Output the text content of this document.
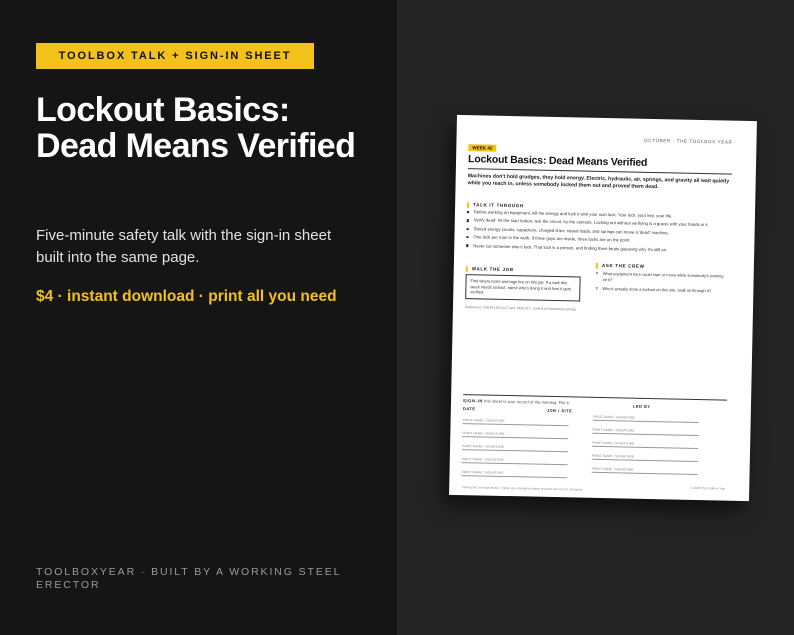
TOOLBOX TALK + SIGN-IN SHEET
Lockout Basics: Dead Means Verified

Five-minute safety talk with the sign-in sheet built into the same page.

$4 · instant download · print all you need

TOOLBOXYEAR · BUILT BY A WORKING STEEL ERECTOR

OCTOBER · THE TOOLBOX YEAR
WEEK 42
Lockout Basics: Dead Means Verified
Machines don't hold grudges, they hold energy. Electric, hydraulic, air, springs, and gravity all wait quietly while you reach in, unless somebody locked them out and proved them dead.
TALK IT THROUGH
Before working on equipment, kill the energy and lock it with your own lock. Your lock, your key, your life.
Verify dead: hit the start button, test the circuit, try the controls. Locking out without verifying is a guess with your hands in it.
Stored energy counts: capacitors, charged lines, raised loads, and springs can move a 'dead' machine.
One lock per man in the work. If three guys are inside, three locks are on the point.
Never cut someone else's lock. That lock is a person, and finding them beats guessing why it's still on.
WALK THE JOB
Find where locks and tags live on this job. If a task this week needs lockout, name who's doing it and how it gets verified.
Reference: OSHA 1910.147 and 1926.417, control of hazardous energy
ASK THE CREW
? What equipment here could start or move while somebody's working on it?
? Who's actually done a lockout on this site, walk us through it?
SIGN-IN this sheet is your record of the meeting. File it.
DATE	JOB / SITE
LED BY
PRINT NAME / SIGNATURE
PRINT NAME / SIGNATURE
PRINT NAME / SIGNATURE
PRINT NAME / SIGNATURE
PRINT NAME / SIGNATURE
PRINT NAME / SIGNATURE
PRINT NAME / SIGNATURE
PRINT NAME / SIGNATURE
PRINT NAME / SIGNATURE
PRINT NAME / SIGNATURE
Training aid, not legal advice. Follow your company's safety program and current standards.	© 2026 The Toolbox Year
